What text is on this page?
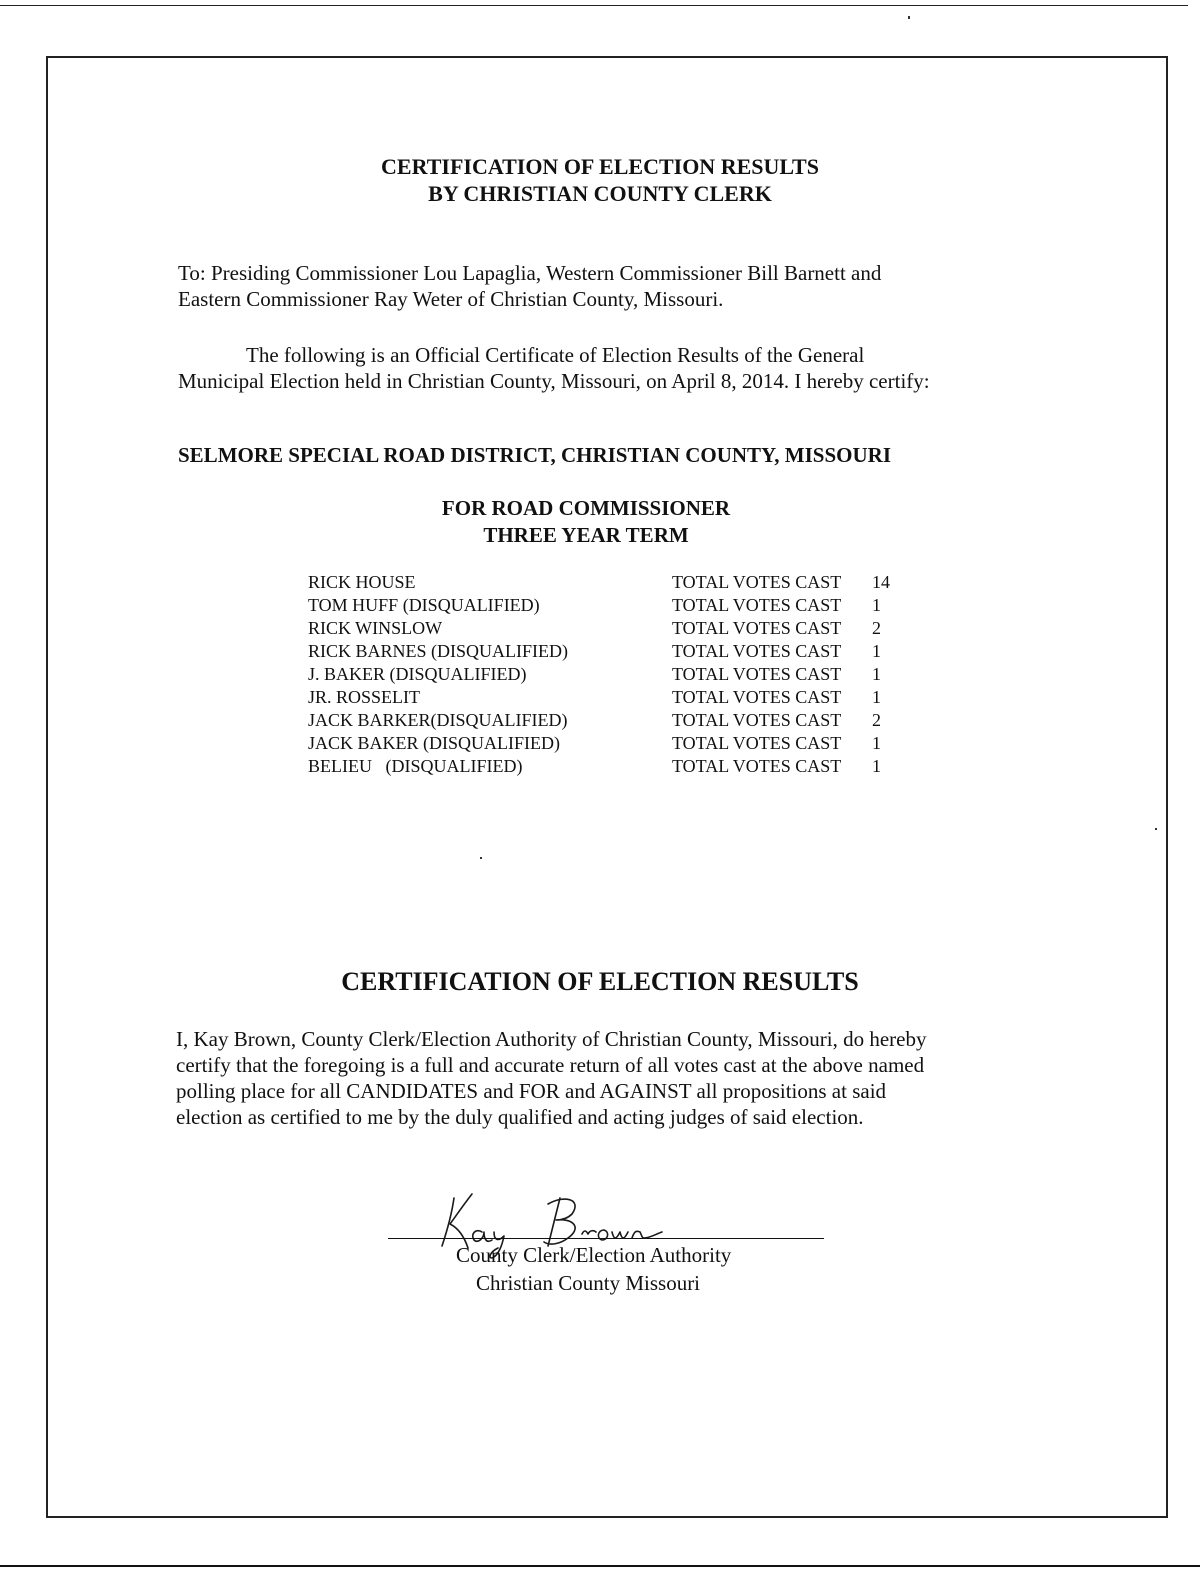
CERTIFICATION OF ELECTION RESULTS
BY CHRISTIAN COUNTY CLERK
To: Presiding Commissioner Lou Lapaglia, Western Commissioner Bill Barnett and
Eastern Commissioner Ray Weter of Christian County, Missouri.
The following is an Official Certificate of Election Results of the General
Municipal Election held in Christian County, Missouri, on April 8, 2014. I hereby certify:
SELMORE SPECIAL ROAD DISTRICT, CHRISTIAN COUNTY, MISSOURI
FOR ROAD COMMISSIONER
THREE YEAR TERM
RICK HOUSE	TOTAL VOTES CAST 14
TOM HUFF (DISQUALIFIED)	TOTAL VOTES CAST 1
RICK WINSLOW	TOTAL VOTES CAST 2
RICK BARNES (DISQUALIFIED)	TOTAL VOTES CAST 1
J. BAKER (DISQUALIFIED)	TOTAL VOTES CAST 1
JR. ROSSELIT	TOTAL VOTES CAST 1
JACK BARKER(DISQUALIFIED)	TOTAL VOTES CAST 2
JACK BAKER (DISQUALIFIED)	TOTAL VOTES CAST 1
BELIEU   (DISQUALIFIED)	TOTAL VOTES CAST 1
CERTIFICATION OF ELECTION RESULTS
I, Kay Brown, County Clerk/Election Authority of Christian County, Missouri, do hereby
certify that the foregoing is a full and accurate return of all votes cast at the above named
polling place for all CANDIDATES and FOR and AGAINST all propositions at said
election as certified to me by the duly qualified and acting judges of said election.
County Clerk/Election Authority
Christian County Missouri
